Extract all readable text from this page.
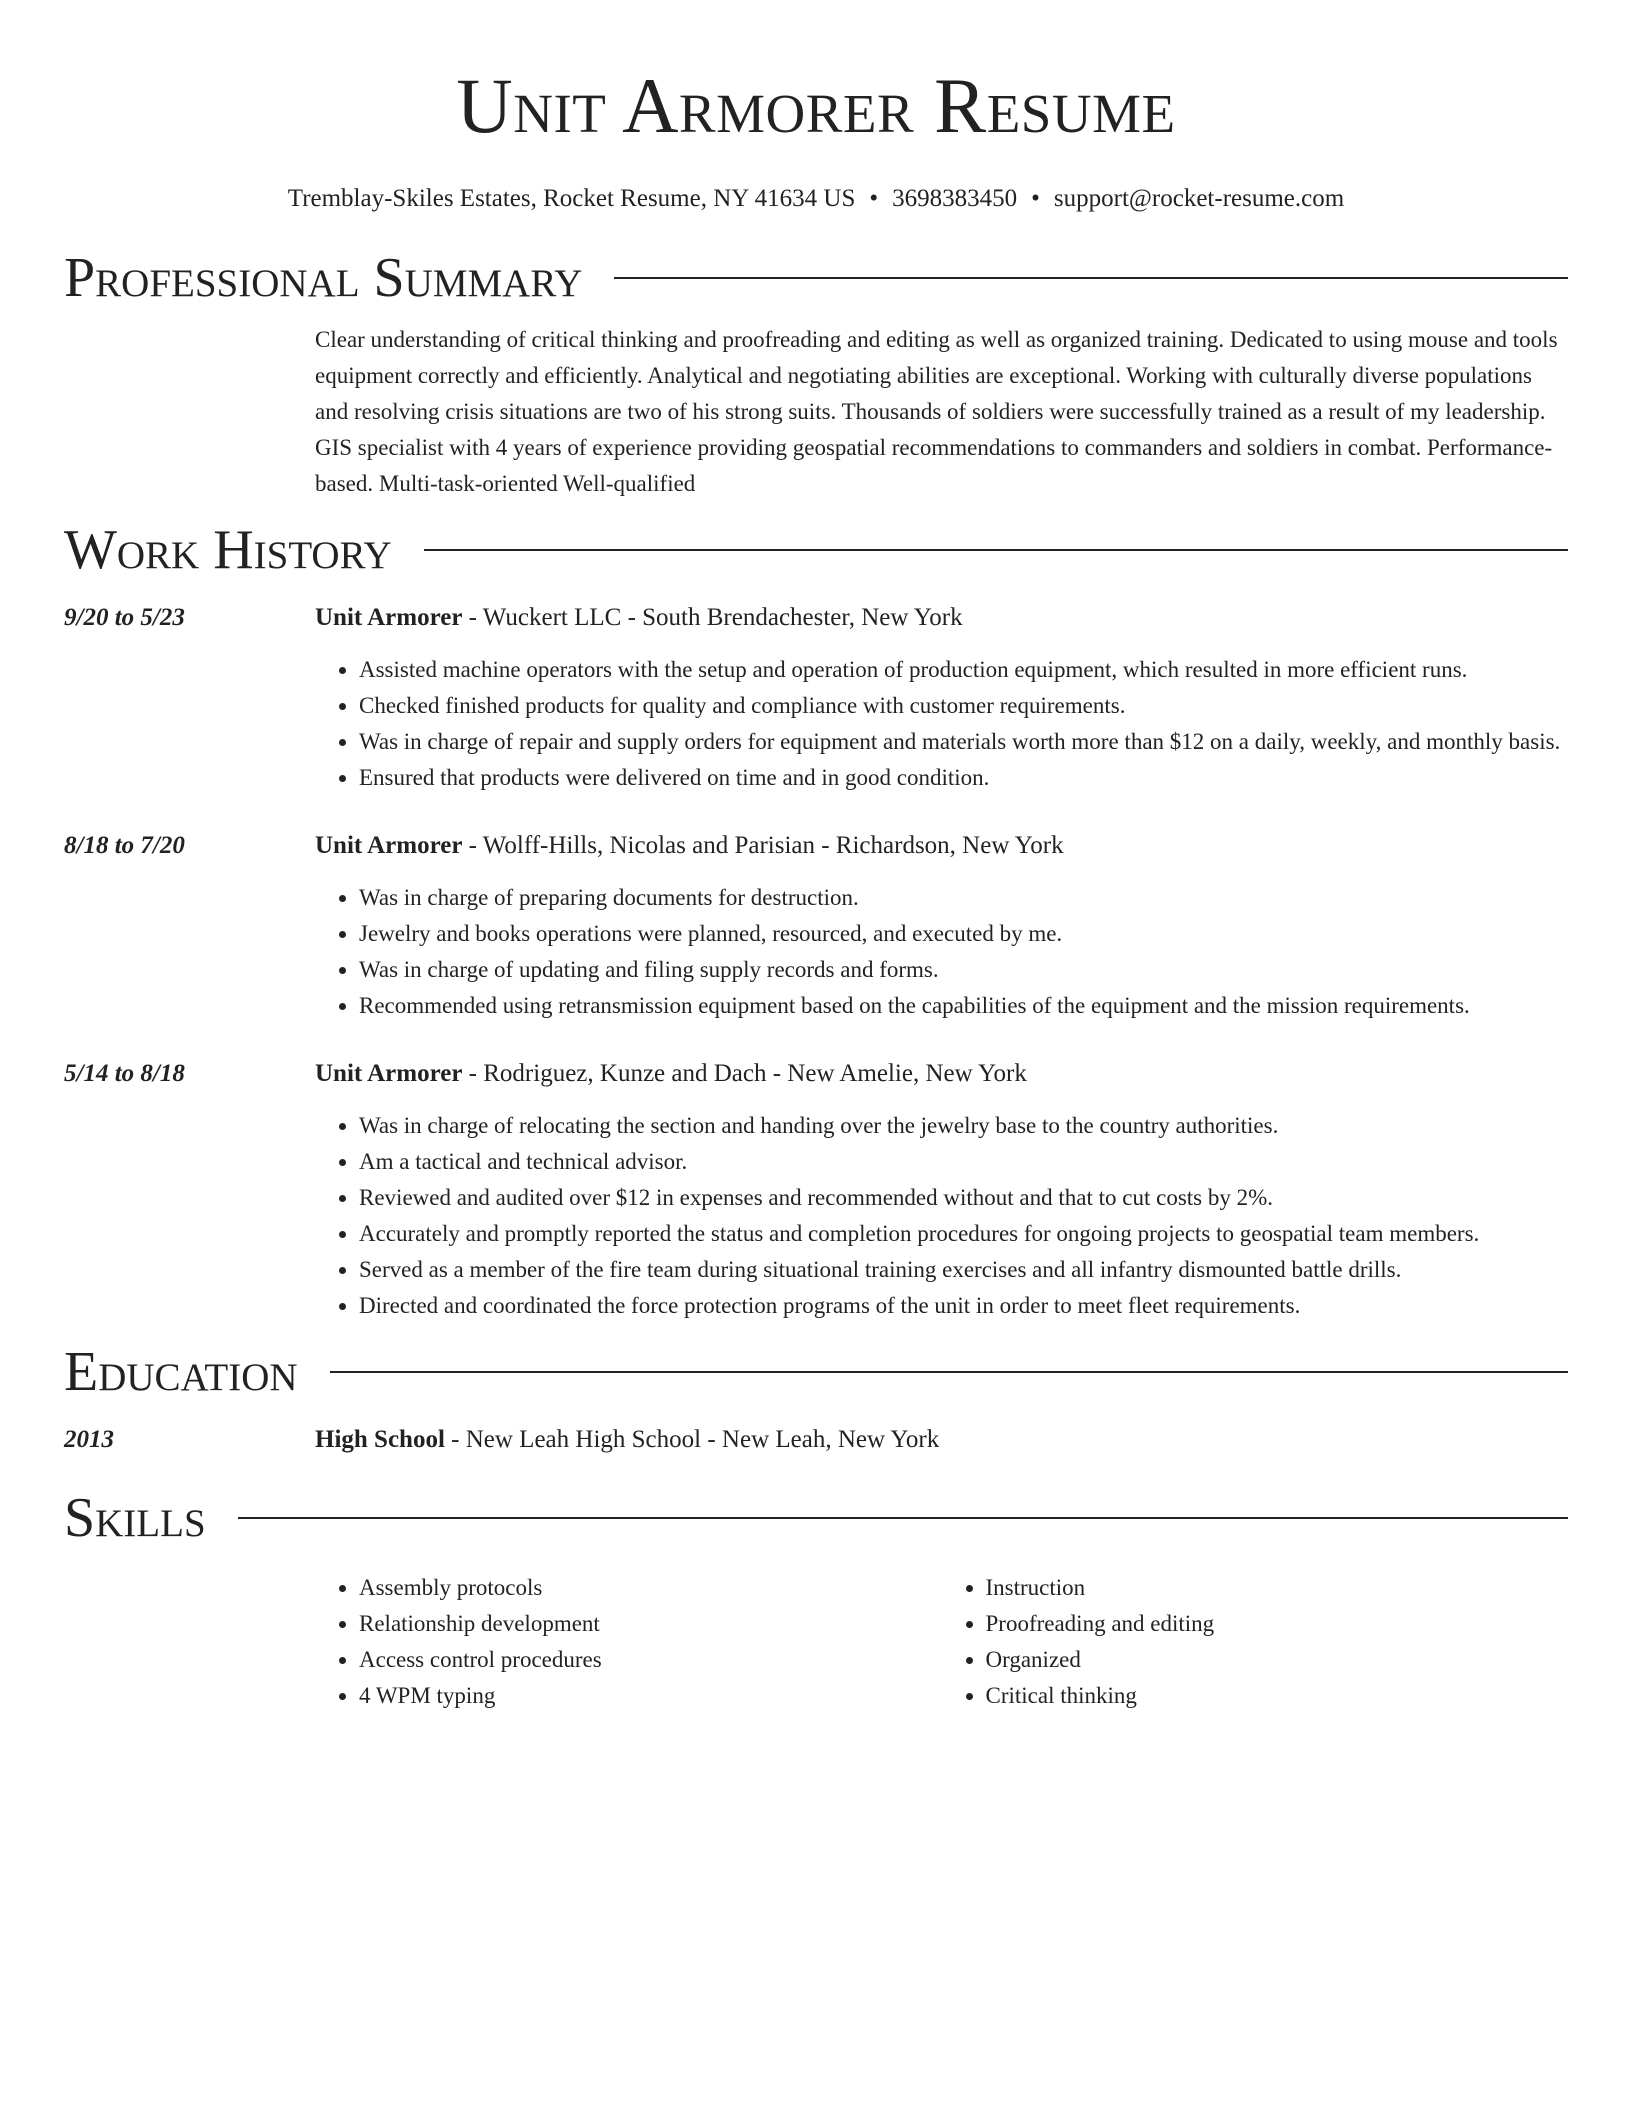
Unit Armorer Resume
Tremblay-Skiles Estates, Rocket Resume, NY 41634 US • 3698383450 • support@rocket-resume.com
Professional Summary
Clear understanding of critical thinking and proofreading and editing as well as organized training. Dedicated to using mouse and tools equipment correctly and efficiently. Analytical and negotiating abilities are exceptional. Working with culturally diverse populations and resolving crisis situations are two of his strong suits. Thousands of soldiers were successfully trained as a result of my leadership. GIS specialist with 4 years of experience providing geospatial recommendations to commanders and soldiers in combat. Performance-based. Multi-task-oriented Well-qualified
Work History
9/20 to 5/23	Unit Armorer - Wuckert LLC - South Brendachester, New York
• Assisted machine operators with the setup and operation of production equipment, which resulted in more efficient runs.
• Checked finished products for quality and compliance with customer requirements.
• Was in charge of repair and supply orders for equipment and materials worth more than $12 on a daily, weekly, and monthly basis.
• Ensured that products were delivered on time and in good condition.
8/18 to 7/20	Unit Armorer - Wolff-Hills, Nicolas and Parisian - Richardson, New York
• Was in charge of preparing documents for destruction.
• Jewelry and books operations were planned, resourced, and executed by me.
• Was in charge of updating and filing supply records and forms.
• Recommended using retransmission equipment based on the capabilities of the equipment and the mission requirements.
5/14 to 8/18	Unit Armorer - Rodriguez, Kunze and Dach - New Amelie, New York
• Was in charge of relocating the section and handing over the jewelry base to the country authorities.
• Am a tactical and technical advisor.
• Reviewed and audited over $12 in expenses and recommended without and that to cut costs by 2%.
• Accurately and promptly reported the status and completion procedures for ongoing projects to geospatial team members.
• Served as a member of the fire team during situational training exercises and all infantry dismounted battle drills.
• Directed and coordinated the force protection programs of the unit in order to meet fleet requirements.
Education
2013	High School - New Leah High School - New Leah, New York
Skills
• Assembly protocols
• Relationship development
• Access control procedures
• 4 WPM typing
• Instruction
• Proofreading and editing
• Organized
• Critical thinking
